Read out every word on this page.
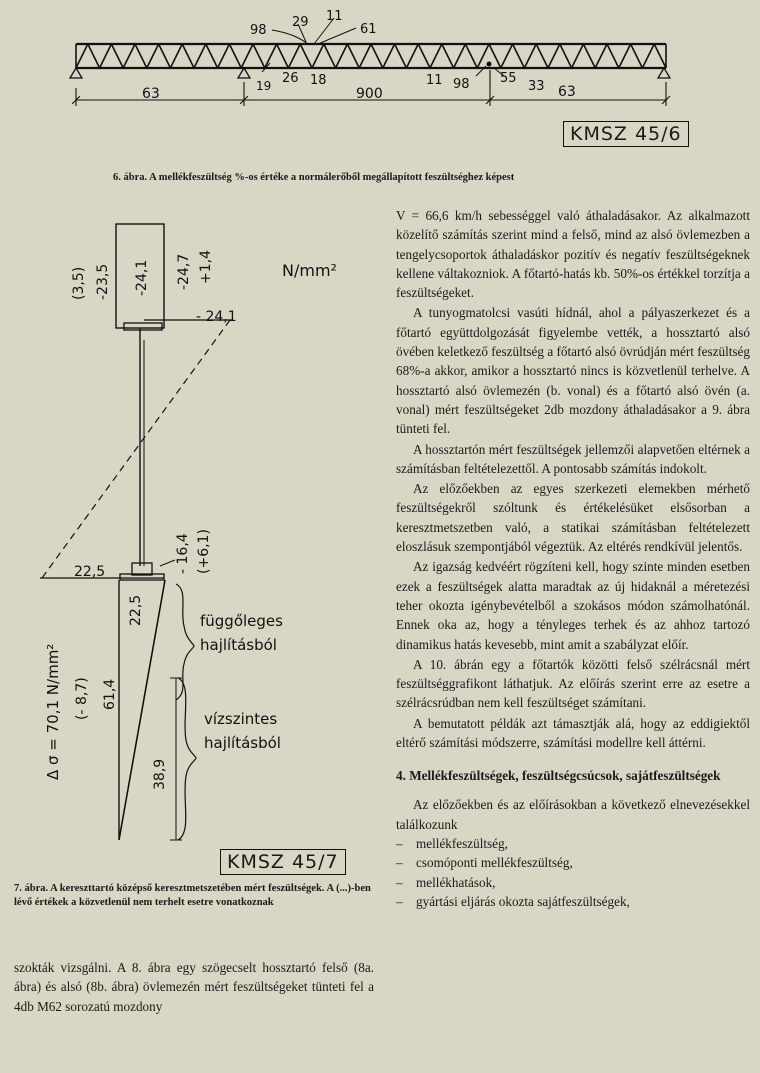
98
29 11
61
19 26 18	11 98 55
33
63	900	63
KMSZ 45/6
6. ábra. A mellékfeszültség %-os értéke a normálerőből megállapított feszültséghez képest
(3,5) -23,5 -24,1 -24,7 +1,4	N/mm²
- 24,1
22,5	- 16,4 (+6,1)
22,5
61,4
38,9
Δ σ = 70,1 N/mm² (- 8,7)
függőleges
hajlításból
vízszintes
hajlításból
KMSZ 45/7
7. ábra. A kereszttartó középső keresztmetszetében mért feszültségek. A (...)-ben lévő értékek a közvetlenül nem terhelt esetre vonatkoznak

szokták vizsgálni. A 8. ábra egy szögecselt hossztartó felső (8a. ábra) és alsó (8b. ábra) övlemezén mért feszültségeket tünteti fel a 4db M62 sorozatú mozdony

V = 66,6 km/h sebességgel való áthaladásakor. Az alkalmazott közelítő számítás szerint mind a felső, mind az alsó övlemezben a tengelycsoportok áthaladáskor pozitív és negatív feszültségeknek kellene váltakozniok. A főtartó-hatás kb. 50%-os értékkel torzítja a feszültségeket.

A tunyogmatolcsi vasúti hídnál, ahol a pályaszerkezet és a főtartó együttdolgozását figyelembe vették, a hossztartó alsó övében keletkező feszültség a főtartó alsó övrúdján mért feszültség 68%-a akkor, amikor a hossztartó nincs is közvetlenül terhelve. A hossztartó alsó övlemezén (b. vonal) és a főtartó alsó övén (a. vonal) mért feszültségeket 2db mozdony áthaladásakor a 9. ábra tünteti fel.

A hossztartón mért feszültségek jellemzői alapvetően eltérnek a számításban feltételezettől. A pontosabb számítás indokolt.

Az előzőekben az egyes szerkezeti elemekben mérhető feszültségekről szóltunk és értékelésüket elsősorban a keresztmetszetben való, a statikai számításban feltételezett eloszlásuk szempontjából végeztük. Az eltérés rendkívül jelentős.

Az igazság kedvéért rögzíteni kell, hogy szinte minden esetben ezek a feszültségek alatta maradtak az új hidaknál a méretezési teher okozta igénybevételből a szokásos módon számolhatónál. Ennek oka az, hogy a tényleges terhek és az ahhoz tartozó dinamikus hatás kevesebb, mint amit a szabályzat előír.

A 10. ábrán egy a főtartók közötti felső szélrácsnál mért feszültséggrafikont láthatjuk. Az előírás szerint erre az esetre a szélrácsrúdban nem kell feszültséget számítani.

A bemutatott példák azt támasztják alá, hogy az eddigiektől eltérő számítási módszerre, számítási modellre kell áttérni.

4. Mellékfeszültségek, feszültségcsúcsok, sajátfeszültségek

Az előzőekben és az előírásokban a következő elnevezésekkel találkozunk

– mellékfeszültség,
– csomóponti mellékfeszültség,
– mellékhatások,
– gyártási eljárás okozta sajátfeszültségek,
